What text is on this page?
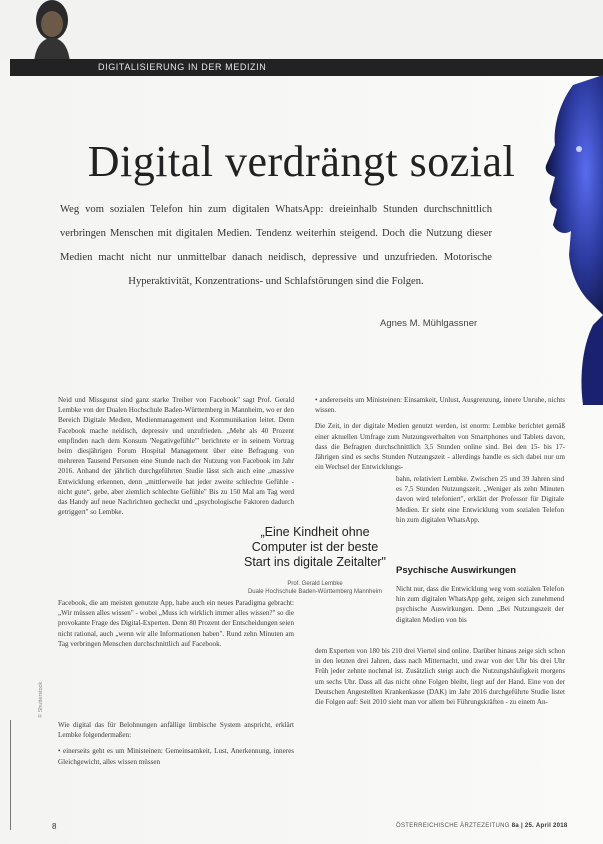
DIGITALISIERUNG IN DER MEDIZIN
Digital verdrängt sozial
Weg vom sozialen Telefon hin zum digitalen WhatsApp: dreieinhalb Stunden durchschnittlich verbringen Menschen mit digitalen Medien. Tendenz weiterhin steigend. Doch die Nutzung dieser Medien macht nicht nur unmittelbar danach neidisch, depressive und unzufrieden. Motorische Hyperaktivität, Konzentrations- und Schlafstörungen sind die Folgen.
Agnes M. Mühlgassner

Neid und Missgunst sind ganz starke Treiber von Facebook" sagt Prof. Gerald Lembke von der Dualen Hochschule Baden-Württemberg in Mannheim, wo er den Bereich Digitale Medien, Medienmanagement und Kommunikation leitet. Denn Facebook mache neidisch, depressiv und unzufrieden. „Mehr als 40 Prozent empfinden nach dem Konsum 'Negativgefühle'" berichtete er in seinem Vortrag beim diesjährigen Forum Hospital Management über eine Befragung von mehreren Tausend Personen eine Stunde nach der Nutzung von Facebook im Jahr 2016. Anhand der jährlich durchgeführten Studie lässt sich auch eine „massive Entwicklung erkennen, denn „mittlerweile hat jeder zweite schlechte Gefühle - nicht gute“, gebe, aber ziemlich schlechte Gefühle" Bis zu 150 Mal am Tag werd das Handy auf neue Nachrichten gecheckt und „psychologische Faktoren dadurch getriggert" so Lembke.

Facebook, die am meisten genutzte App, habe auch ein neues Paradigma gebracht: „Wir müssen alles wissen" - wobei „Muss ich wirklich immer alles wissen?" so die provokante Frage des Digital-Experten. Denn 80 Prozent der Entscheidungen seien nicht rational, auch „wenn wir alle Informationen haben". Rund zehn Minuten am Tag verbringen Menschen durchschnittlich auf Facebook.

Wie digital das für Belohnungen anfällige limbische System anspricht, erklärt Lembke folgendermaßen:

• einerseits geht es um Ministeinen: Gemeinsamkeit, Lust, Anerkennung, inneres Gleichgewicht, alles wissen müssen

• andererseits um Ministeinen: Einsamkeit, Unlust, Ausgrenzung, innere Unruhe, nichts wissen.

Die Zeit, in der digitale Medien genutzt werden, ist enorm: Lembke berichtet gemäß einer aktuellen Umfrage zum Nutzungsverhalten von Smartphones und Tablets davon, dass die Befragten durchschnittlich 3,5 Stunden online sind. Bei den 15- bis 17-Jährigen sind es sechs Stunden Nutzungszeit - allerdings handle es sich dabei nur um ein Wechsel der Entwicklungs-

bahn, relativiert Lembke. Zwischen 25 und 39 Jahren sind es 7,5 Stunden Nutzungszeit. „Weniger als zehn Minuten davon wird telefoniert", erklärt der Professor für Digitale Medien. Er sieht eine Entwicklung vom sozialen Telefon hin zum digitalen WhatsApp.

Psychische Auswirkungen

Nicht nur, dass die Entwicklung weg vom sozialen Telefon hin zum digitalen WhatsApp geht, zeigen sich zunehmend psychische Auswirkungen. Denn „Bei Nutzungszeit der digitalen Medien von bis

dem Experten von 180 bis 210 drei Viertel sind online. Darüber hinaus zeige sich schon in den letzten drei Jahren, dass nach Mitternacht, und zwar von der Uhr bis drei Uhr Früh jeder zehnte nochmal ist. Zusätzlich steigt auch die Nutzungshäufigkeit morgens um sechs Uhr. Dass all das nicht ohne Folgen bleibt, liegt auf der Hand. Eine von der Deutschen Angestellten Krankenkasse (DAK) im Jahr 2016 durchgeführte Studie listet die Folgen auf: Seit 2010 sieht man vor allem bei Führungskräften - zu einem An-

„Eine Kindheit ohne Computer ist der beste Start ins digitale Zeitalter"
Prof. Gerald Lembke
Duale Hochschule Baden-Württemberg Mannheim
© Shutterstock
8	ÖSTERREICHISCHE ÄRZTEZEITUNG 8a | 25. April 2018
